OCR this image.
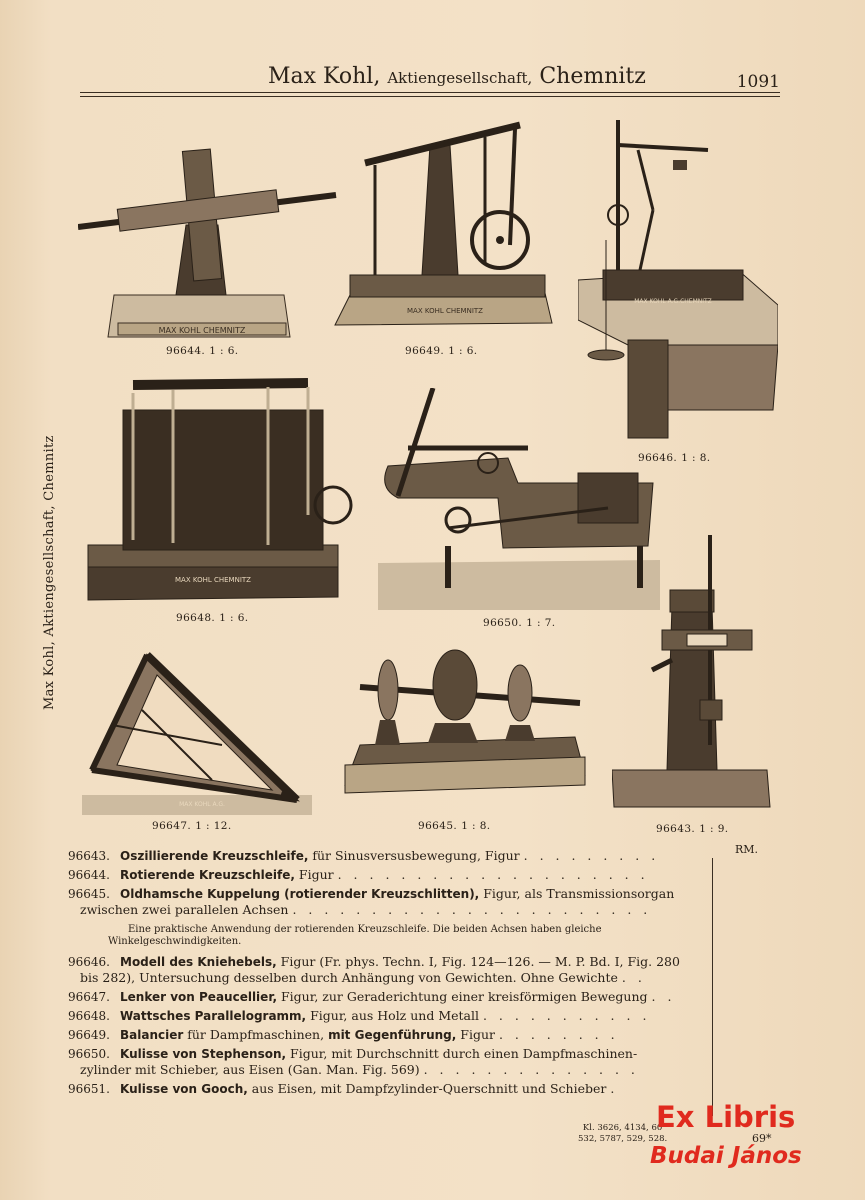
Max Kohl, Aktiengesellschaft, Chemnitz	1091
Max Kohl, Aktiengesellschaft, Chemnitz
MAX KOHL CHEMNITZ
96644. 1 : 6.
MAX KOHL CHEMNITZ
96649. 1 : 6.
MAX KOHL A.G.CHEMNITZ
96646. 1 : 8.
MAX KOHL CHEMNITZ
96648. 1 : 6.	96650. 1 : 7.
MAX KOHL A.G.
96647. 1 : 12.	96645. 1 : 8.	96643. 1 : 9.
RM.
96643. Oszillierende Kreuzschleife, für Sinusversusbewegung, Figur . . . . . . . . .
96644. Rotierende Kreuzschleife, Figur . . . . . . . . . . . . . . . . . . . .
96645. Oldhamsche Kuppelung (rotierender Kreuzschlitten), Figur, als Transmissionsorgan
zwischen zwei parallelen Achsen . . . . . . . . . . . . . . . . . . . . . . .
Eine praktische Anwendung der rotierenden Kreuzschleife. Die beiden Achsen haben gleiche Winkelgeschwindigkeiten.
96646. Modell des Kniehebels, Figur (Fr. phys. Techn. I, Fig. 124—126. — M. P. Bd. I, Fig. 280
bis 282), Untersuchung desselben durch Anhängung von Gewichten. Ohne Gewichte . .
96647. Lenker von Peaucellier, Figur, zur Geraderichtung einer kreisförmigen Bewegung . .
96648. Wattsches Parallelogramm, Figur, aus Holz und Metall . . . . . . . . . . .
96649. Balancier für Dampfmaschinen, mit Gegenführung, Figur . . . . . . . .
96650. Kulisse von Stephenson, Figur, mit Durchschnitt durch einen Dampfmaschinen-
zylinder mit Schieber, aus Eisen (Gan. Man. Fig. 569) . . . . . . . . . . . . . .
96651. Kulisse von Gooch, aus Eisen, mit Dampfzylinder-Querschnitt und Schieber .
Kl. 3626, 4134, 60
532, 5787, 529, 528.	69*
Ex Libris
Budai János
